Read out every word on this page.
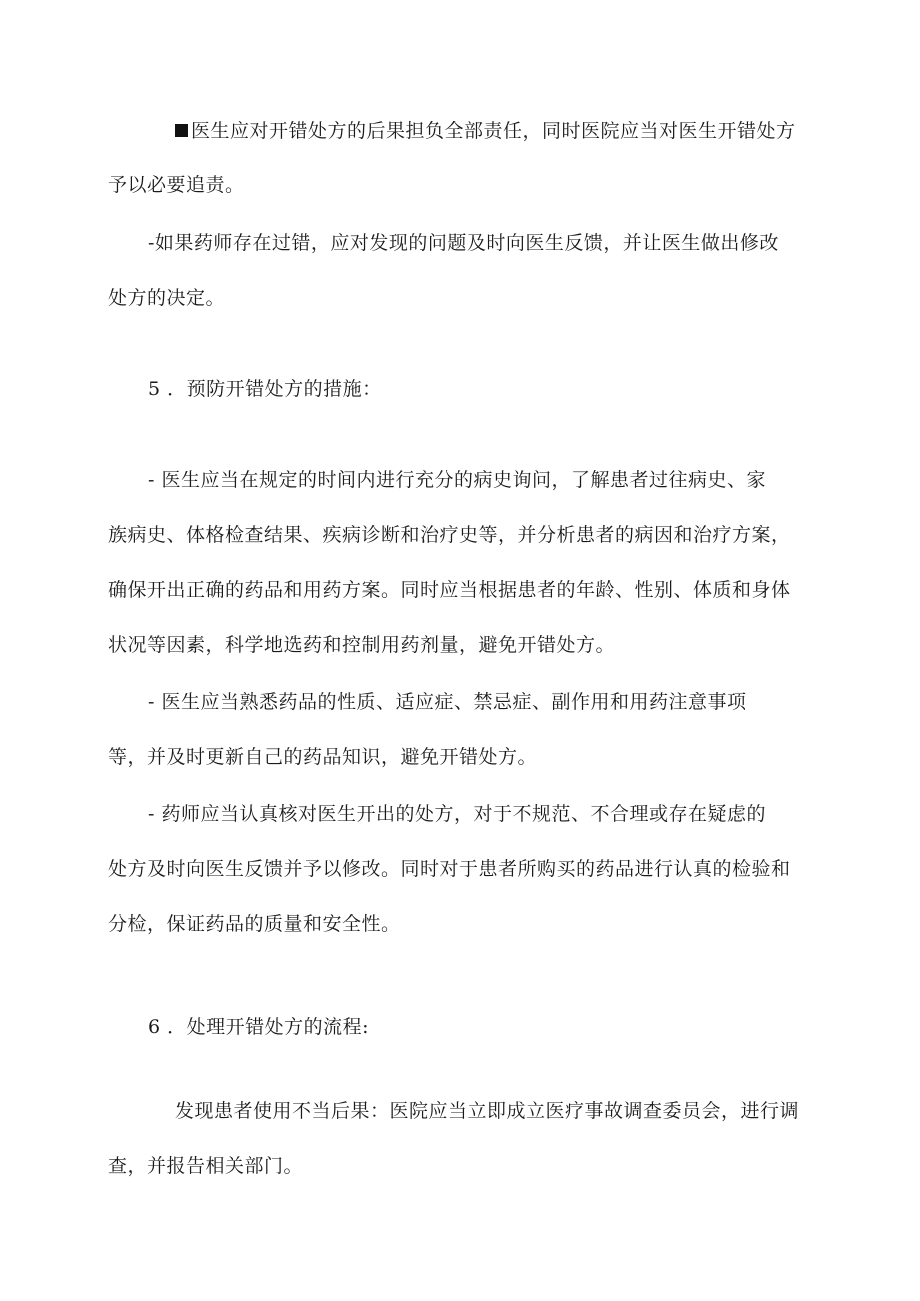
医生应对开错处方的后果担负全部责任，同时医院应当对医生开错处方
予以必要追责。
-如果药师存在过错，应对发现的问题及时向医生反馈，并让医生做出修改
处方的决定。
5 ．预防开错处方的措施：
- 医生应当在规定的时间内进行充分的病史询问，了解患者过往病史、家
族病史、体格检查结果、疾病诊断和治疗史等，并分析患者的病因和治疗方案，
确保开出正确的药品和用药方案。同时应当根据患者的年龄、性别、体质和身体
状况等因素，科学地选药和控制用药剂量，避免开错处方。
- 医生应当熟悉药品的性质、适应症、禁忌症、副作用和用药注意事项
等，并及时更新自己的药品知识，避免开错处方。
- 药师应当认真核对医生开出的处方，对于不规范、不合理或存在疑虑的
处方及时向医生反馈并予以修改。同时对于患者所购买的药品进行认真的检验和
分检，保证药品的质量和安全性。
6 ．处理开错处方的流程:
发现患者使用不当后果：医院应当立即成立医疗事故调查委员会，进行调
查，并报告相关部门。
